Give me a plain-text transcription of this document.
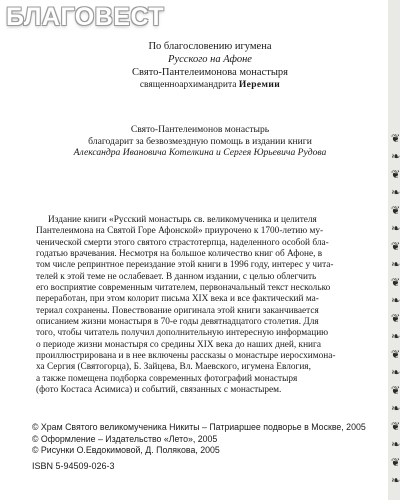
БЛАГОВЕСТ
По благословению игумена
Русского на Афоне
Свято-Пантелеимонова монастыря
священноархимандрита Иеремии
Свято-Пантелеимонов монастырь
благодарит за безвозмездную помощь в издании книги
Александра Ивановича Котелкина и Сергея Юрьевича Рудова
Издание книги «Русский монастырь св. великомученика и целителя
Пантелеимона на Святой Горе Афонской» приурочено к 1700-летию му-
ченической смерти этого святого страстотерпца, наделенного особой бла-
годатью врачевания. Несмотря на большое количество книг об Афоне, в
том числе репринтное переиздание этой книги в 1996 году, интерес у чита-
телей к этой теме не ослабевает. В данном издании, с целью облегчить
его восприятие современным читателем, первоначальный текст несколько
переработан, при этом колорит письма XIX века и все фактический ма-
териал сохранены. Повествование оригинала этой книги заканчивается
описанием жизни монастыря в 70-е годы девятнадцатого столетия. Для
того, чтобы читатель получил дополнительную интересную информацию
о периоде жизни монастыря со средины XIX века до наших дней, книга
проиллюстрирована и в нее включены рассказы о монастыре иеросхимона-
ха Сергия (Святогорца), Б. Зайцева, Вл. Маевского, игумена Евлогия,
а также помещена подборка современных фотографий монастыря
(фото Костаса Асимиса) и событий, связанных с монастырем.
© Храм Святого великомученика Никиты – Патриаршее подворье в Москве, 2005
© Оформление – Издательство «Лето», 2005
© Рисунки О.Евдокимовой, Д. Полякова, 2005
ISBN 5-94509-026-3
❦
❧
❦
❧
❦
❧
❦
❧
❦
❧
❦
❧
❦
❧
❦
❧
❦
❧
❦
❧
